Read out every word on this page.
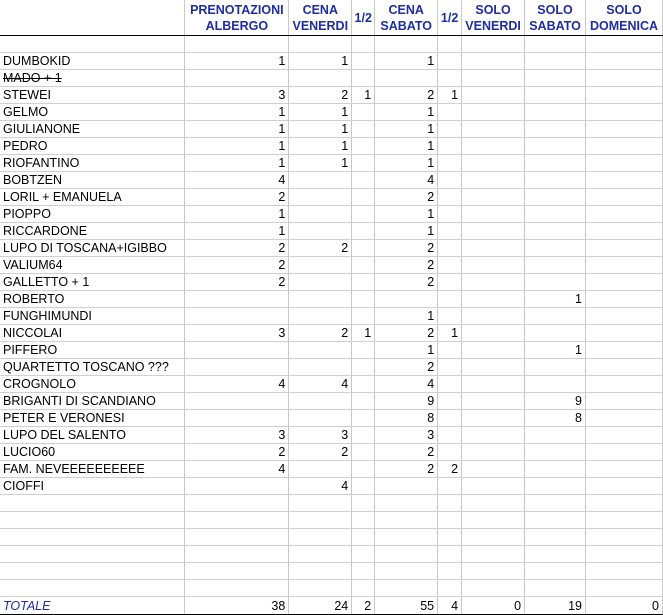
	PRENOTAZIONI ALBERGO	CENA VENERDI	1/2	CENA SABATO	1/2	SOLO VENERDI	SOLO SABATO	SOLO DOMENICA

DUMBOKID	1	1		1				
MADO + 1								
STEWEI	3	2	1	2	1			
GELMO	1	1		1				
GIULIANONE	1	1		1				
PEDRO	1	1		1				
RIOFANTINO	1	1		1				
BOBTZEN	4			4				
LORIL + EMANUELA	2			2				
PIOPPO	1			1				
RICCARDONE	1			1				
LUPO DI TOSCANA+IGIBBO	2	2		2				
VALIUM64	2			2				
GALLETTO + 1	2			2				
ROBERTO							1	
FUNGHIMUNDI				1				
NICCOLAI	3	2	1	2	1			
PIFFERO				1			1	
QUARTETTO TOSCANO ???				2				
CROGNOLO	4	4		4				
BRIGANTI DI SCANDIANO				9			9	
PETER E VERONESI				8			8	
LUPO DEL SALENTO	3	3		3				
LUCIO60	2	2		2				
FAM. NEVEEEEEEEEEE	4			2	2			
CIOFFI		4						

TOTALE	38	24	2	55	4	0	19	0
